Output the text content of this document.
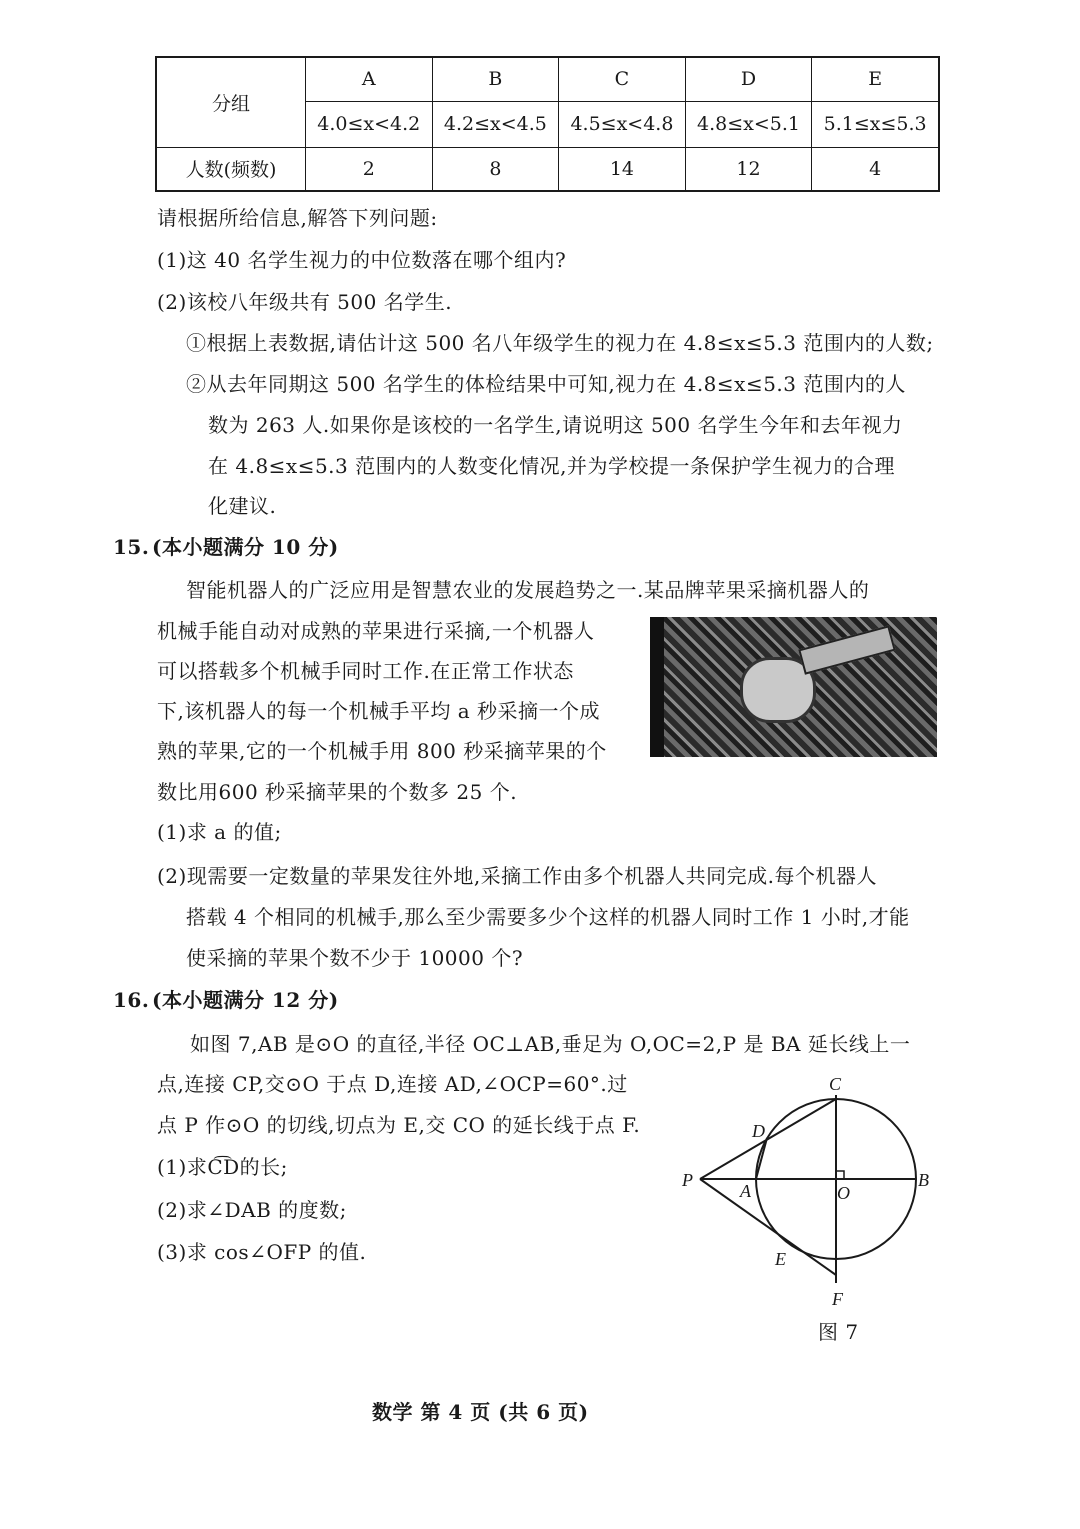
分组	A	B	C	D	E
	4.0≤x<4.2	4.2≤x<4.5	4.5≤x<4.8	4.8≤x<5.1	5.1≤x≤5.3
人数(频数)	2	8	14	12	4
请根据所给信息,解答下列问题:
(1)这 40 名学生视力的中位数落在哪个组内?
(2)该校八年级共有 500 名学生.
①根据上表数据,请估计这 500 名八年级学生的视力在 4.8≤x≤5.3 范围内的人数;
②从去年同期这 500 名学生的体检结果中可知,视力在 4.8≤x≤5.3 范围内的人
数为 263 人.如果你是该校的一名学生,请说明这 500 名学生今年和去年视力
在 4.8≤x≤5.3 范围内的人数变化情况,并为学校提一条保护学生视力的合理
化建议.
15. (本小题满分 10 分)
智能机器人的广泛应用是智慧农业的发展趋势之一.某品牌苹果采摘机器人的
机械手能自动对成熟的苹果进行采摘,一个机器人
可以搭载多个机械手同时工作.在正常工作状态
下,该机器人的每一个机械手平均 a 秒采摘一个成
熟的苹果,它的一个机械手用 800 秒采摘苹果的个
数比用600 秒采摘苹果的个数多 25 个.
(1)求 a 的值;
(2)现需要一定数量的苹果发往外地,采摘工作由多个机器人共同完成.每个机器人
搭载 4 个相同的机械手,那么至少需要多少个这样的机器人同时工作 1 小时,才能
使采摘的苹果个数不少于 10000 个?
16. (本小题满分 12 分)
如图 7,AB 是⊙O 的直径,半径 OC⊥AB,垂足为 O,OC=2,P 是 BA 延长线上一
点,连接 CP,交⊙O 于点 D,连接 AD,∠OCP=60°.过
点 P 作⊙O 的切线,切点为 E,交 CO 的延长线于点 F.
(1)求C͡D的长;
(2)求∠DAB 的度数;
(3)求 cos∠OFP 的值.
C
D
P
A	O
B
E
F
图 7
数学 第 4 页 (共 6 页)
